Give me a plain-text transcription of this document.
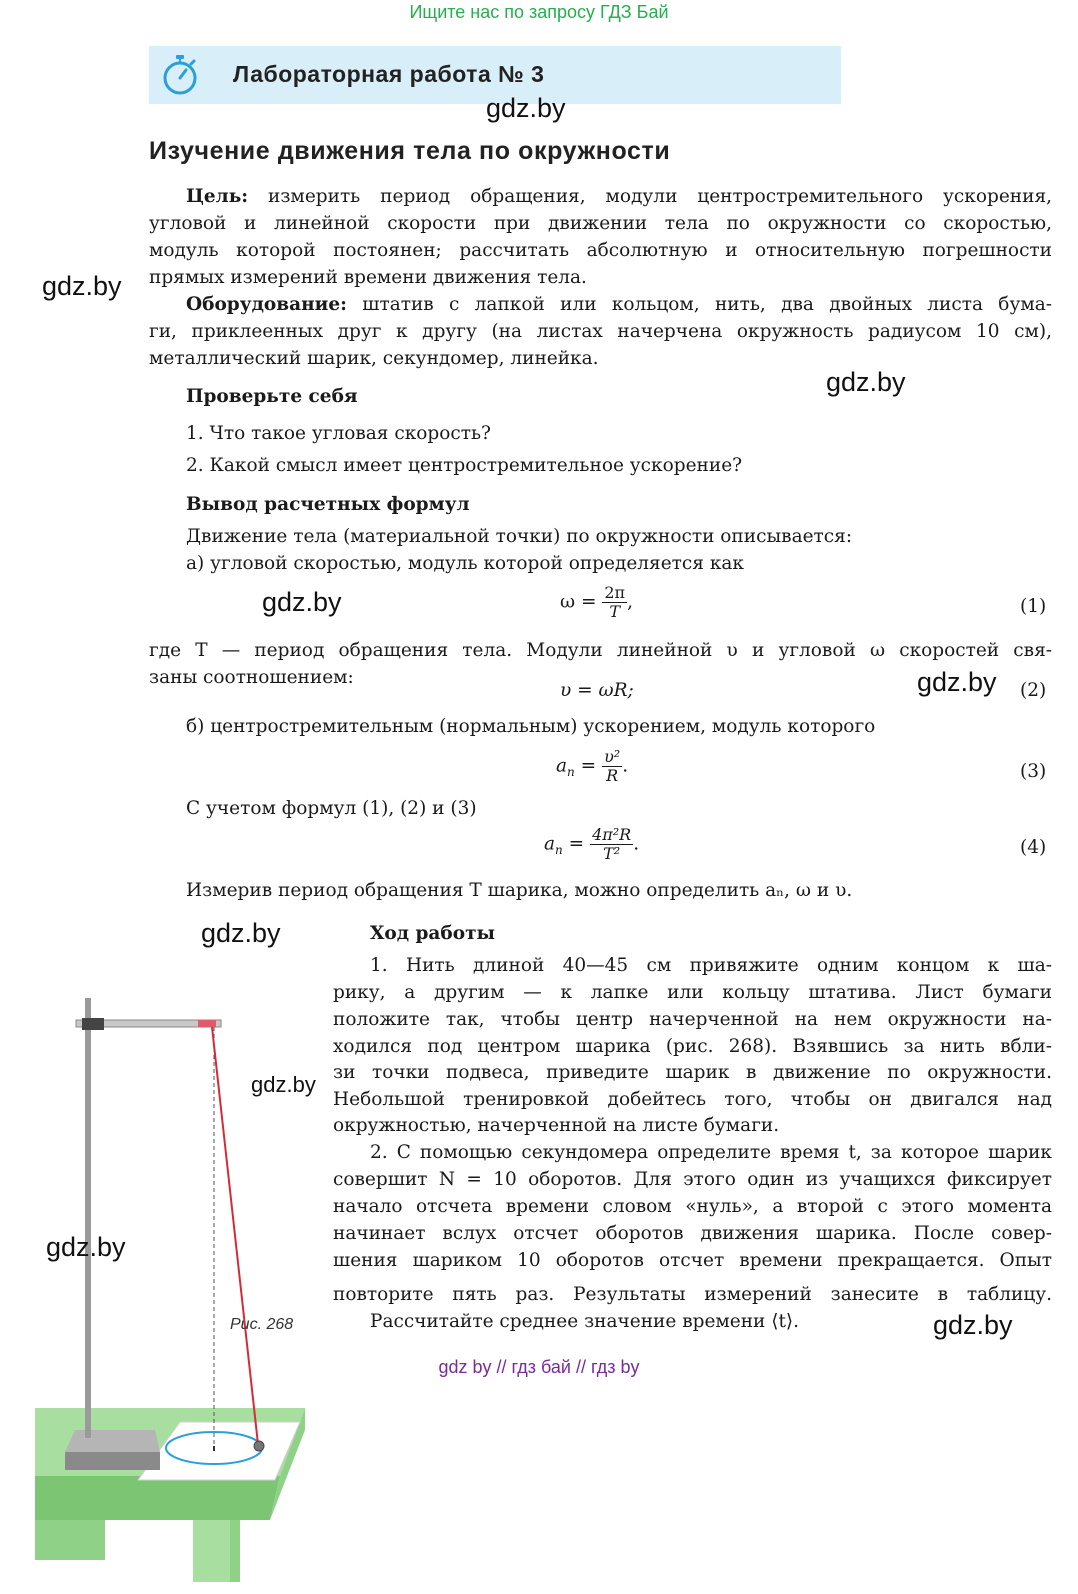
Ищите нас по запросу ГДЗ Бай
Лабораторная работа № 3
Изучение движения тела по окружности
Цель: измерить период обращения, модули центростремительного ускорения,
угловой и линейной скорости при движении тела по окружности со скоростью,
модуль которой постоянен; рассчитать абсолютную и относительную погрешности
прямых измерений времени движения тела.
Оборудование: штатив с лапкой или кольцом, нить, два двойных листа бума-
ги, приклеенных друг к другу (на листах начерчена окружность радиусом 10 см),
металлический шарик, секундомер, линейка.
Проверьте себя
1. Что такое угловая скорость?
2. Какой смысл имеет центростремительное ускорение?
Вывод расчетных формул
Движение тела (материальной точки) по окружности описывается:
а) угловой скоростью, модуль которой определяется как
$\omega = \frac{2\pi}{T}$ ,	(1)
где T — период обращения тела. Модули линейной υ и угловой ω скоростей свя-
заны соотношением:
υ = ωR;	(2)
б) центростремительным (нормальным) ускорением, модуль которого
$a_n = \frac{\text{υ²}}{R}$ .	(3)
С учетом формул (1), (2) и (3)
$a_n = \frac{\text{4π²R}}{\text{T²}}$ .	(4)
Измерив период обращения T шарика, можно определить aₙ, ω и υ.
Ход работы
1. Нить длиной 40—45 см привяжите одним концом к ша-
рику, а другим — к лапке или кольцу штатива. Лист бумаги
положите так, чтобы центр начерченной на нем окружности на-
ходился под центром шарика (рис. 268). Взявшись за нить вбли-
зи точки подвеса, приведите шарик в движение по окружности.
Небольшой тренировкой добейтесь того, чтобы он двигался над
окружностью, начерченной на листе бумаги.
2. С помощью секундомера определите время t, за которое шарик
совершит N = 10 оборотов. Для этого один из учащихся фиксирует
начало отсчета времени словом «нуль», а второй с этого момента
начинает вслух отсчет оборотов движения шарика. После совер-
шения шариком 10 оборотов отсчет времени прекращается. Опыт
повторите пять раз. Результаты измерений занесите в таблицу.
Рассчитайте среднее значение времени ⟨t⟩.
Рис. 268
gdz.by
gdz.by
gdz.by
gdz.by
gdz.by
gdz.by
gdz.by
gdz.by
gdz.by
gdz by // гдз бай // гдз by
